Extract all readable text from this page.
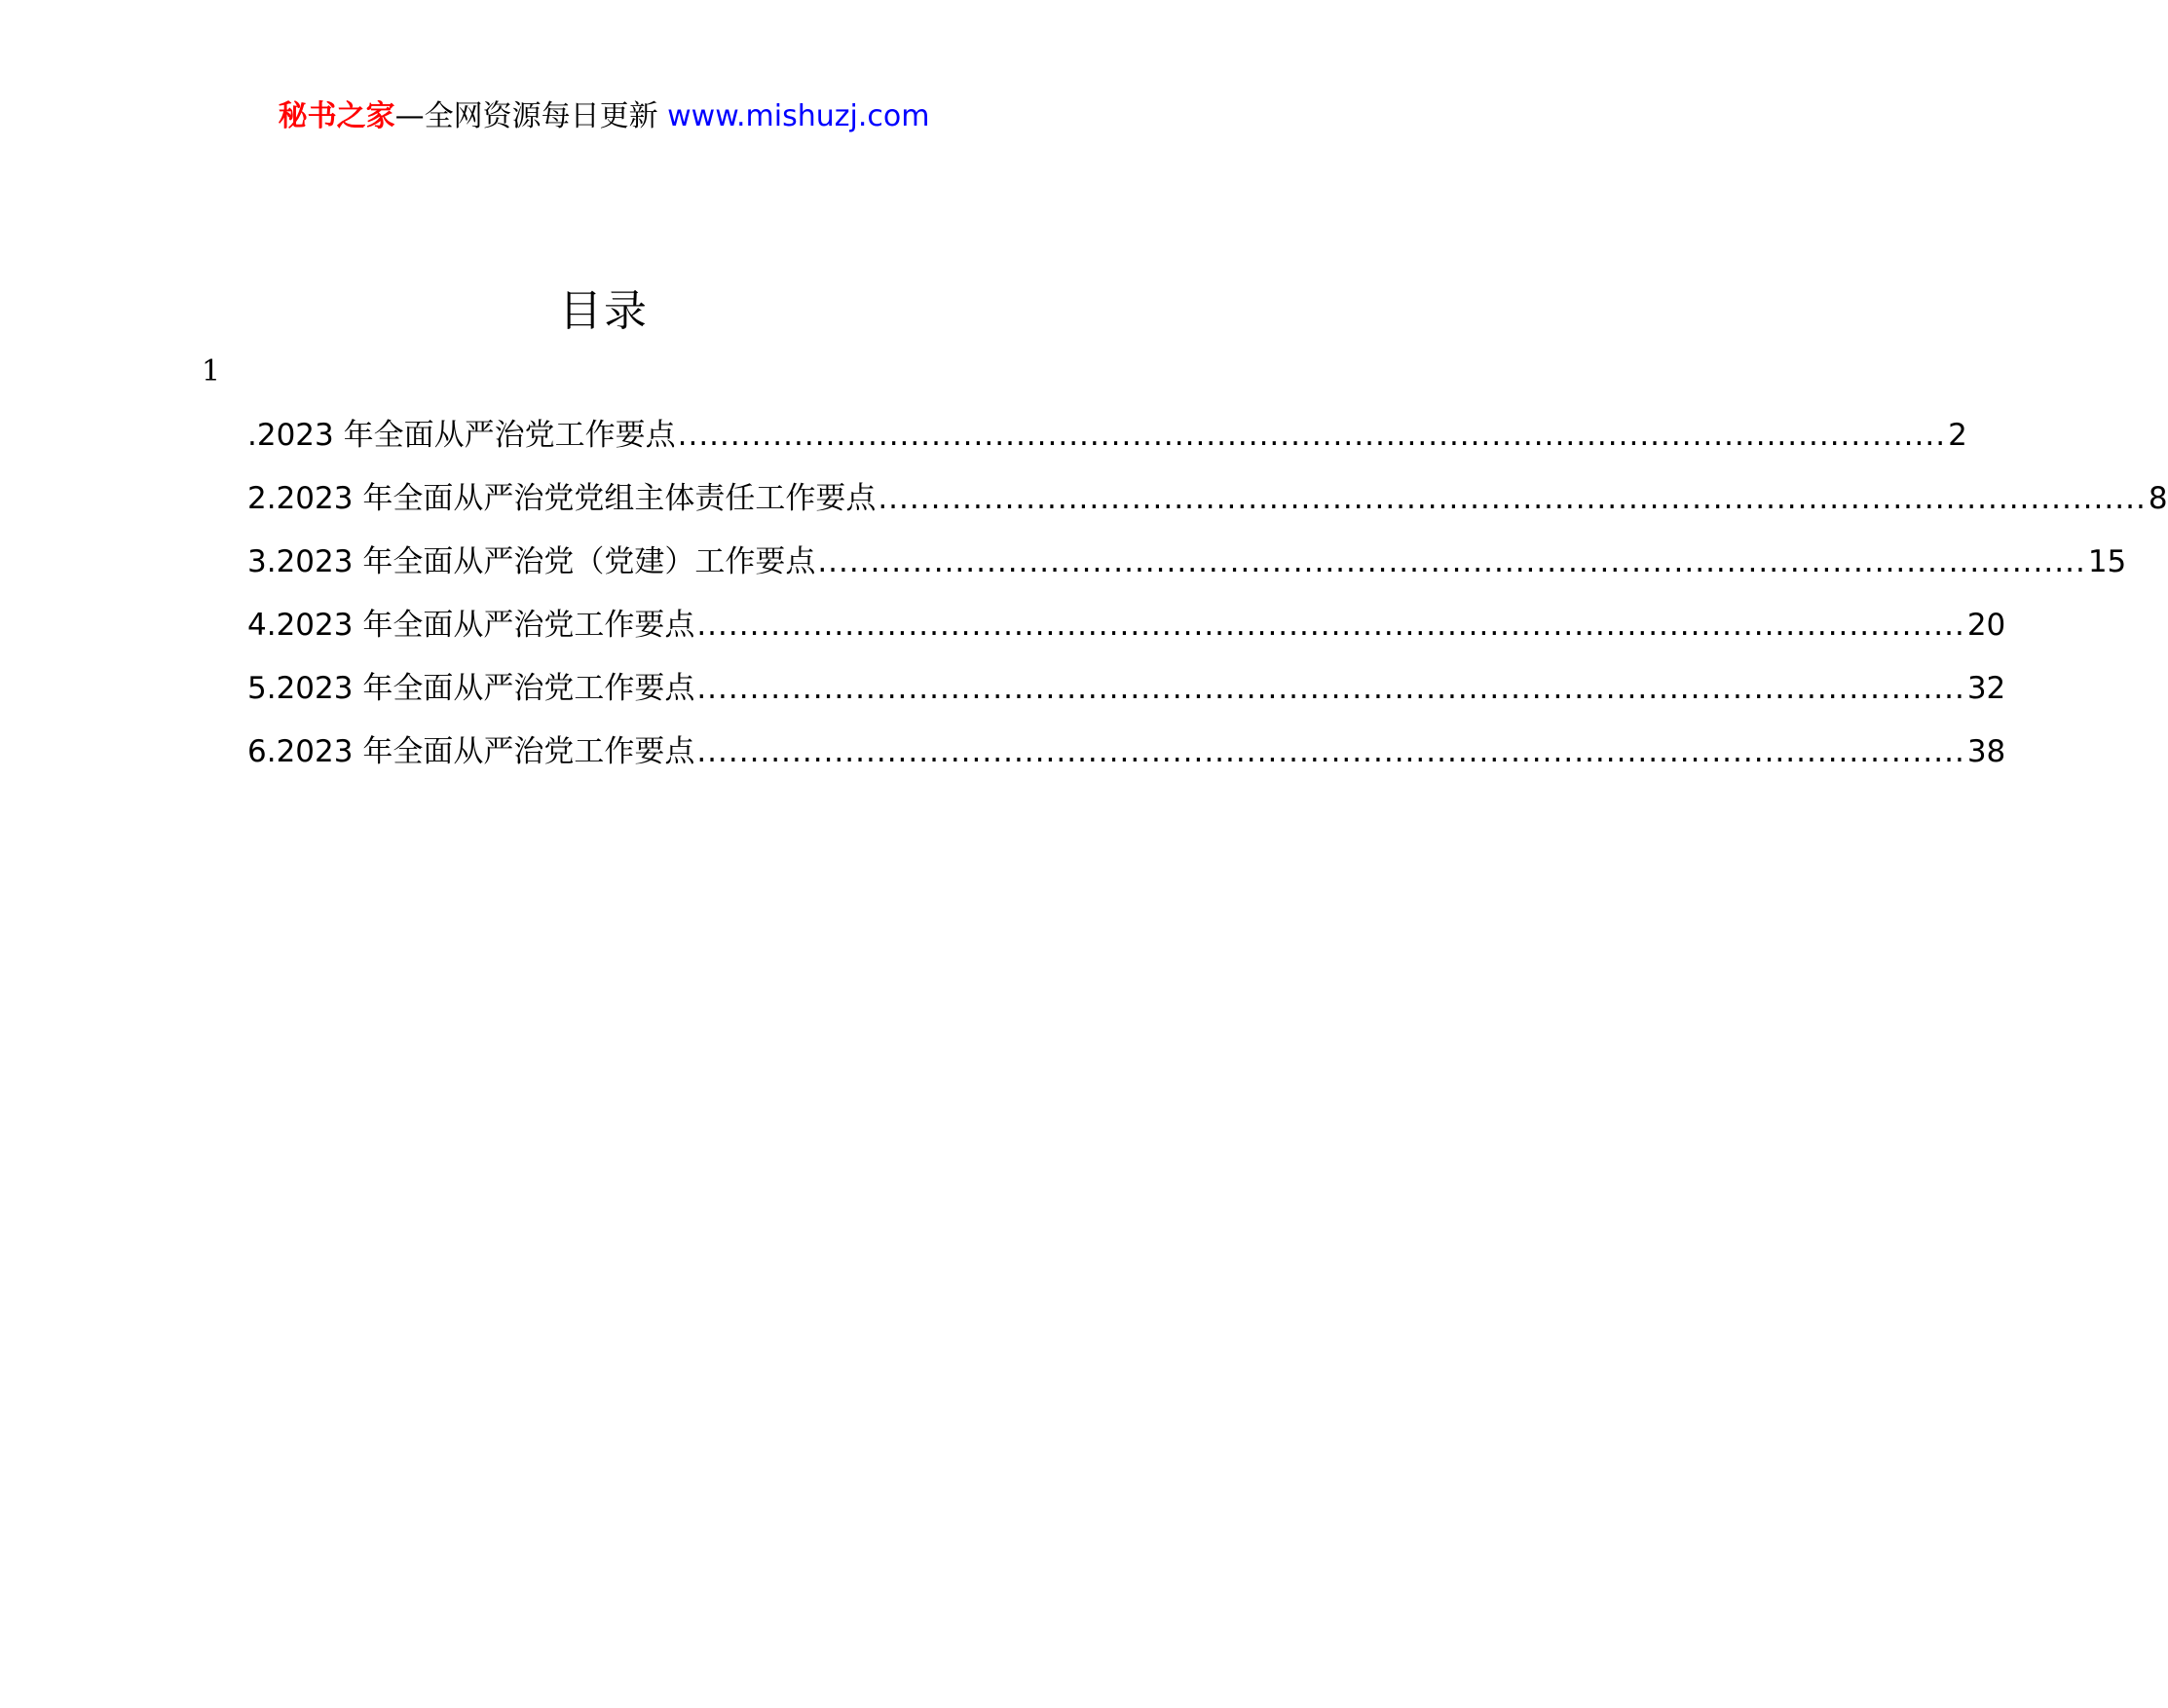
秘书之家—全网资源每日更新 www.mishuzj.com
目录
1
.2023 年全面从严治党工作要点 ........................................................................................................................ 2
2.2023 年全面从严治党党组主体责任工作要点 ........................................................................................................................ 8
3.2023 年全面从严治党（党建）工作要点 ........................................................................................................................ 15
4.2023 年全面从严治党工作要点 ........................................................................................................................ 20
5.2023 年全面从严治党工作要点 ........................................................................................................................ 32
6.2023 年全面从严治党工作要点 ........................................................................................................................ 38
